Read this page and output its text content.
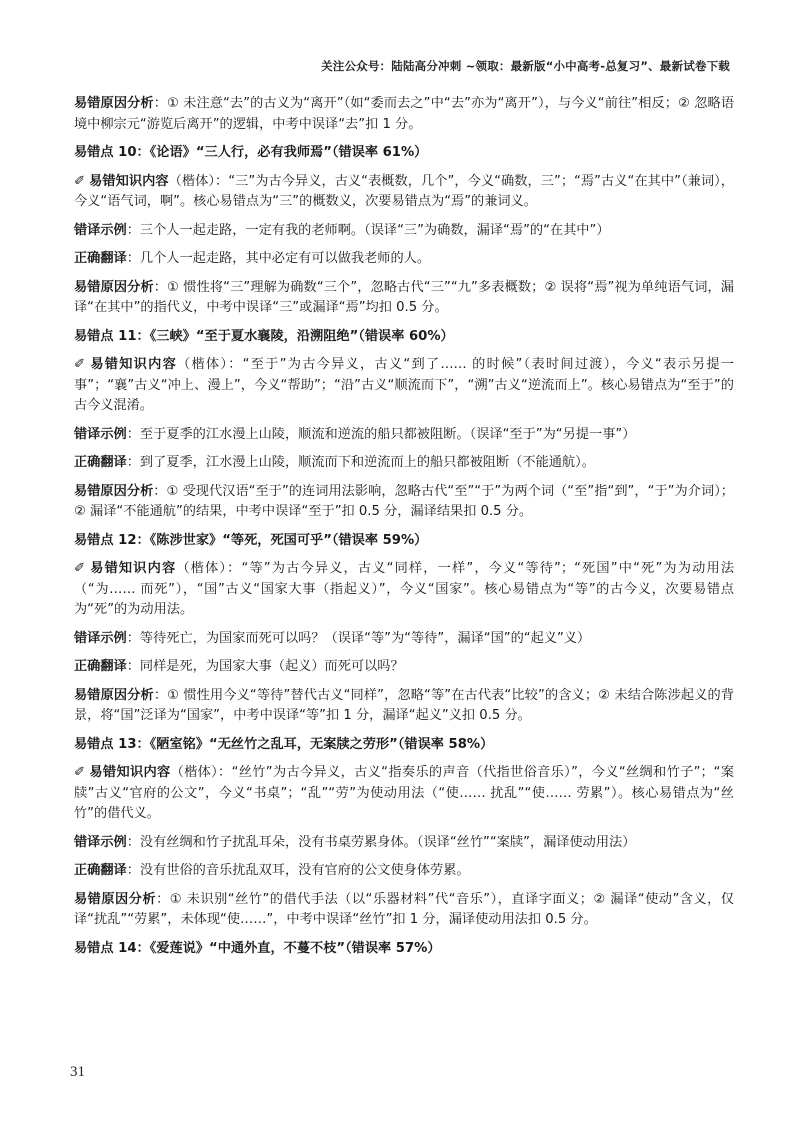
关注公众号：陆陆高分冲刺 ~领取：最新版“小中高考-总复习”、最新试卷下载

易错原因分析：① 未注意“去”的古义为“离开”（如“委而去之”中“去”亦为“离开”），与今义“前往”相反；② 忽略语境中柳宗元“游览后离开”的逻辑，中考中误译“去”扣 1 分。

易错点 10：《论语》“三人行，必有我师焉”（错误率 61%）

✐ 易错知识内容（楷体）：“三”为古今异义，古义“表概数，几个”，今义“确数，三”；“焉”古义“在其中”（兼词），今义“语气词，啊”。核心易错点为“三”的概数义，次要易错点为“焉”的兼词义。

错译示例：三个人一起走路，一定有我的老师啊。（误译“三”为确数，漏译“焉”的“在其中”）

正确翻译：几个人一起走路，其中必定有可以做我老师的人。

易错原因分析：① 惯性将“三”理解为确数“三个”，忽略古代“三”“九”多表概数；② 误将“焉”视为单纯语气词，漏译“在其中”的指代义，中考中误译“三”或漏译“焉”均扣 0.5 分。

易错点 11：《三峡》“至于夏水襄陵，沿溯阻绝”（错误率 60%）

✐ 易错知识内容（楷体）：“至于”为古今异义，古义“到了…… 的时候”（表时间过渡），今义“表示另提一事”；“襄”古义“冲上、漫上”，今义“帮助”；“沿”古义“顺流而下”，“溯”古义“逆流而上”。核心易错点为“至于”的古今义混淆。

错译示例：至于夏季的江水漫上山陵，顺流和逆流的船只都被阻断。（误译“至于”为“另提一事”）

正确翻译：到了夏季，江水漫上山陵，顺流而下和逆流而上的船只都被阻断（不能通航）。

易错原因分析：① 受现代汉语“至于”的连词用法影响，忽略古代“至”“于”为两个词（“至”指“到”，“于”为介词）；② 漏译“不能通航”的结果，中考中误译“至于”扣 0.5 分，漏译结果扣 0.5 分。

易错点 12：《陈涉世家》“等死，死国可乎”（错误率 59%）

✐ 易错知识内容（楷体）：“等”为古今异义，古义“同样，一样”，今义“等待”；“死国”中“死”为为动用法（“为…… 而死”），“国”古义“国家大事（指起义）”，今义“国家”。核心易错点为“等”的古今义，次要易错点为“死”的为动用法。

错译示例：等待死亡，为国家而死可以吗？（误译“等”为“等待”，漏译“国”的“起义”义）

正确翻译：同样是死，为国家大事（起义）而死可以吗？

易错原因分析：① 惯性用今义“等待”替代古义“同样”，忽略“等”在古代表“比较”的含义；② 未结合陈涉起义的背景，将“国”泛译为“国家”，中考中误译“等”扣 1 分，漏译“起义”义扣 0.5 分。

易错点 13：《陋室铭》“无丝竹之乱耳，无案牍之劳形”（错误率 58%）

✐ 易错知识内容（楷体）：“丝竹”为古今异义，古义“指奏乐的声音（代指世俗音乐）”，今义“丝绸和竹子”；“案牍”古义“官府的公文”，今义“书桌”；“乱”“劳”为使动用法（“使…… 扰乱”“使…… 劳累”）。核心易错点为“丝竹”的借代义。

错译示例：没有丝绸和竹子扰乱耳朵，没有书桌劳累身体。（误译“丝竹”“案牍”，漏译使动用法）

正确翻译：没有世俗的音乐扰乱双耳，没有官府的公文使身体劳累。

易错原因分析：① 未识别“丝竹”的借代手法（以“乐器材料”代“音乐”），直译字面义；② 漏译“使动”含义，仅译“扰乱”“劳累”，未体现“使……”，中考中误译“丝竹”扣 1 分，漏译使动用法扣 0.5 分。

易错点 14：《爱莲说》“中通外直，不蔓不枝”（错误率 57%）

31
